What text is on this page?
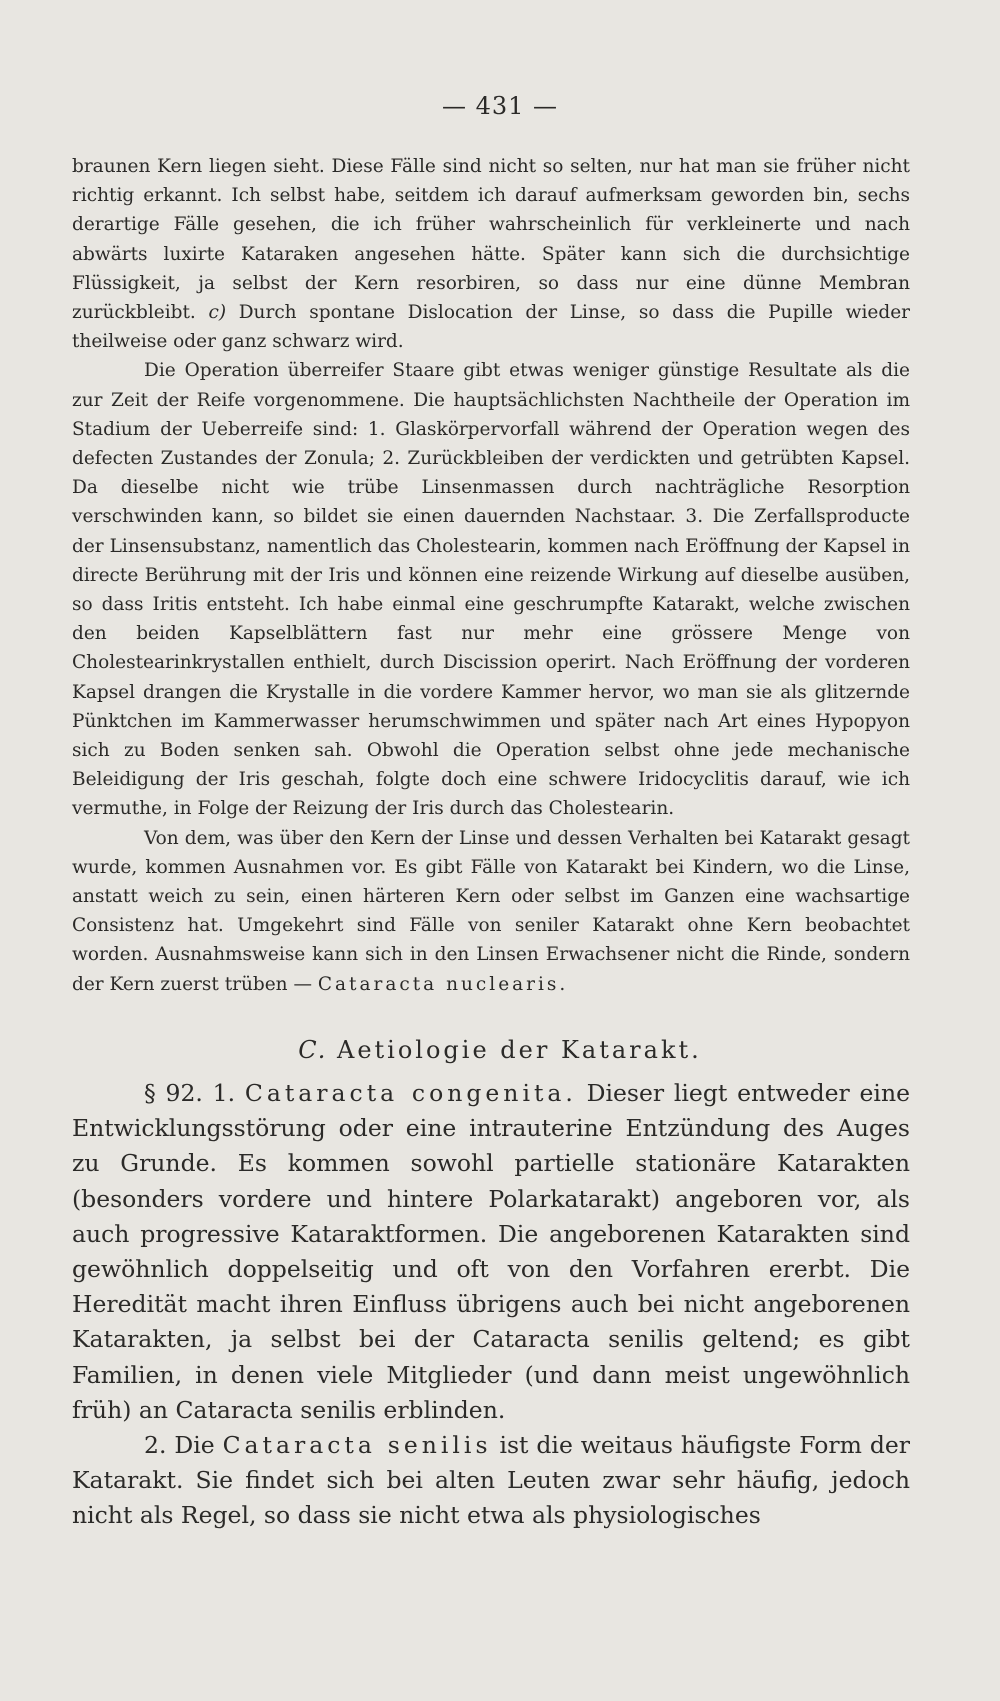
— 431 —

braunen Kern liegen sieht. Diese Fälle sind nicht so selten, nur hat man sie früher nicht richtig erkannt. Ich selbst habe, seitdem ich darauf aufmerksam geworden bin, sechs derartige Fälle gesehen, die ich früher wahrscheinlich für verkleinerte und nach abwärts luxirte Kataraken angesehen hätte. Später kann sich die durchsichtige Flüssigkeit, ja selbst der Kern resorbiren, so dass nur eine dünne Membran zurückbleibt. c) Durch spontane Dislocation der Linse, so dass die Pupille wieder theilweise oder ganz schwarz wird.

Die Operation überreifer Staare gibt etwas weniger günstige Resultate als die zur Zeit der Reife vorgenommene. Die hauptsächlichsten Nachtheile der Operation im Stadium der Ueberreife sind: 1. Glaskörpervorfall während der Operation wegen des defecten Zustandes der Zonula; 2. Zurückbleiben der verdickten und getrübten Kapsel. Da dieselbe nicht wie trübe Linsenmassen durch nachträgliche Resorption verschwinden kann, so bildet sie einen dauernden Nachstaar. 3. Die Zerfallsproducte der Linsensubstanz, namentlich das Cholestearin, kommen nach Eröffnung der Kapsel in directe Berührung mit der Iris und können eine reizende Wirkung auf dieselbe ausüben, so dass Iritis entsteht. Ich habe einmal eine geschrumpfte Katarakt, welche zwischen den beiden Kapselblättern fast nur mehr eine grössere Menge von Cholestearinkrystallen enthielt, durch Discission operirt. Nach Eröffnung der vorderen Kapsel drangen die Krystalle in die vordere Kammer hervor, wo man sie als glitzernde Pünktchen im Kammerwasser herumschwimmen und später nach Art eines Hypopyon sich zu Boden senken sah. Obwohl die Operation selbst ohne jede mechanische Beleidigung der Iris geschah, folgte doch eine schwere Iridocyclitis darauf, wie ich vermuthe, in Folge der Reizung der Iris durch das Cholestearin.

Von dem, was über den Kern der Linse und dessen Verhalten bei Katarakt gesagt wurde, kommen Ausnahmen vor. Es gibt Fälle von Katarakt bei Kindern, wo die Linse, anstatt weich zu sein, einen härteren Kern oder selbst im Ganzen eine wachsartige Consistenz hat. Umgekehrt sind Fälle von seniler Katarakt ohne Kern beobachtet worden. Ausnahmsweise kann sich in den Linsen Erwachsener nicht die Rinde, sondern der Kern zuerst trüben — Cataracta nuclearis.

C. Aetiologie der Katarakt.

§ 92. 1. Cataracta congenita. Dieser liegt entweder eine Entwicklungsstörung oder eine intrauterine Entzündung des Auges zu Grunde. Es kommen sowohl partielle stationäre Katarakten (besonders vordere und hintere Polarkatarakt) angeboren vor, als auch progressive Kataraktformen. Die angeborenen Katarakten sind gewöhnlich doppelseitig und oft von den Vorfahren ererbt. Die Heredität macht ihren Einfluss übrigens auch bei nicht angeborenen Katarakten, ja selbst bei der Cataracta senilis geltend; es gibt Familien, in denen viele Mitglieder (und dann meist ungewöhnlich früh) an Cataracta senilis erblinden.

2. Die Cataracta senilis ist die weitaus häufigste Form der Katarakt. Sie findet sich bei alten Leuten zwar sehr häufig, jedoch nicht als Regel, so dass sie nicht etwa als physiologisches
